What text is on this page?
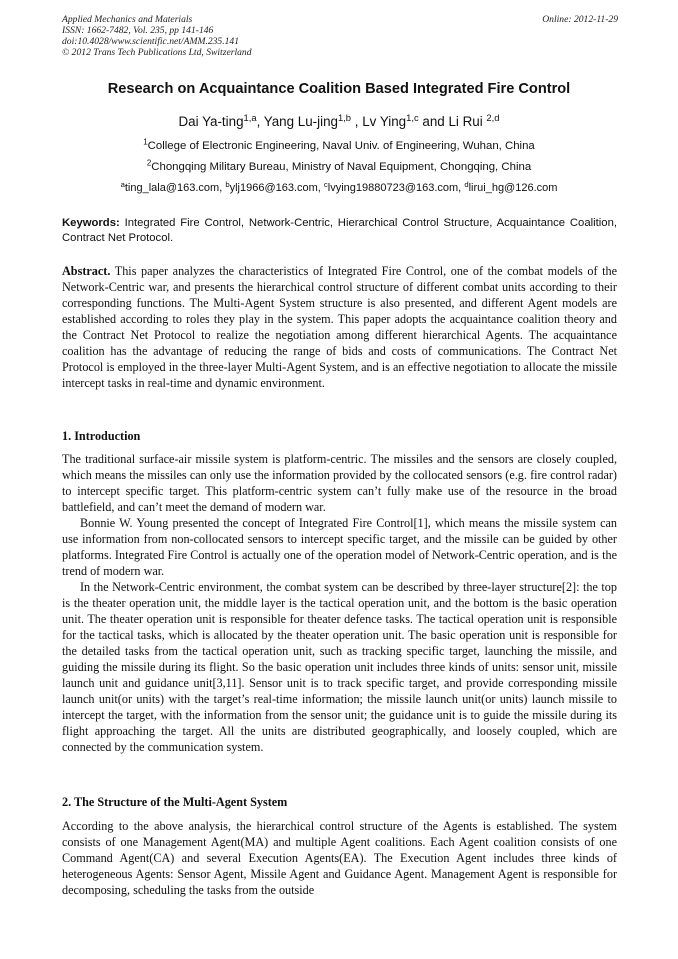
Applied Mechanics and Materials
ISSN: 1662-7482, Vol. 235, pp 141-146
doi:10.4028/www.scientific.net/AMM.235.141
© 2012 Trans Tech Publications Ltd, Switzerland
Online: 2012-11-29
Research on Acquaintance Coalition Based Integrated Fire Control
Dai Ya-ting$^{1,a}$, Yang Lu-jing$^{1,b}$ , Lv Ying$^{1,c}$ and Li Rui $^{2,d}$
$^1$College of Electronic Engineering, Naval Univ. of Engineering, Wuhan, China
$^2$Chongqing Military Bureau, Ministry of Naval Equipment, Chongqing, China
$^a$ting_lala@163.com, $^b$ylj1966@163.com, $^c$lvying19880723@163.com, $^d$lirui_hg@126.com
Keywords: Integrated Fire Control, Network-Centric, Hierarchical Control Structure, Acquaintance Coalition, Contract Net Protocol.
Abstract. This paper analyzes the characteristics of Integrated Fire Control, one of the combat models of the Network-Centric war, and presents the hierarchical control structure of different combat units according to their corresponding functions. The Multi-Agent System structure is also presented, and different Agent models are established according to roles they play in the system. This paper adopts the acquaintance coalition theory and the Contract Net Protocol to realize the negotiation among different hierarchical Agents. The acquaintance coalition has the advantage of reducing the range of bids and costs of communications. The Contract Net Protocol is employed in the three-layer Multi-Agent System, and is an effective negotiation to allocate the missile intercept tasks in real-time and dynamic environment.
1. Introduction

The traditional surface-air missile system is platform-centric. The missiles and the sensors are closely coupled, which means the missiles can only use the information provided by the collocated sensors (e.g. fire control radar) to intercept specific target. This platform-centric system can’t fully make use of the resource in the broad battlefield, and can’t meet the demand of modern war.

Bonnie W. Young presented the concept of Integrated Fire Control[1], which means the missile system can use information from non-collocated sensors to intercept specific target, and the missile can be guided by other platforms. Integrated Fire Control is actually one of the operation model of Network-Centric operation, and is the trend of modern war.

In the Network-Centric environment, the combat system can be described by three-layer structure[2]: the top is the theater operation unit, the middle layer is the tactical operation unit, and the bottom is the basic operation unit. The theater operation unit is responsible for theater defence tasks. The tactical operation unit is responsible for the tactical tasks, which is allocated by the theater operation unit. The basic operation unit is responsible for the detailed tasks from the tactical operation unit, such as tracking specific target, launching the missile, and guiding the missile during its flight. So the basic operation unit includes three kinds of units: sensor unit, missile launch unit and guidance unit[3,11]. Sensor unit is to track specific target, and provide corresponding missile launch unit(or units) with the target’s real-time information; the missile launch unit(or units) launch missile to intercept the target, with the information from the sensor unit; the guidance unit is to guide the missile during its flight approaching the target. All the units are distributed geographically, and loosely coupled, which are connected by the communication system.

2. The Structure of the Multi-Agent System

According to the above analysis, the hierarchical control structure of the Agents is established. The system consists of one Management Agent(MA) and multiple Agent coalitions. Each Agent coalition consists of one Command Agent(CA) and several Execution Agents(EA). The Execution Agent includes three kinds of heterogeneous Agents: Sensor Agent, Missile Agent and Guidance Agent. Management Agent is responsible for decomposing, scheduling the tasks from the outside
